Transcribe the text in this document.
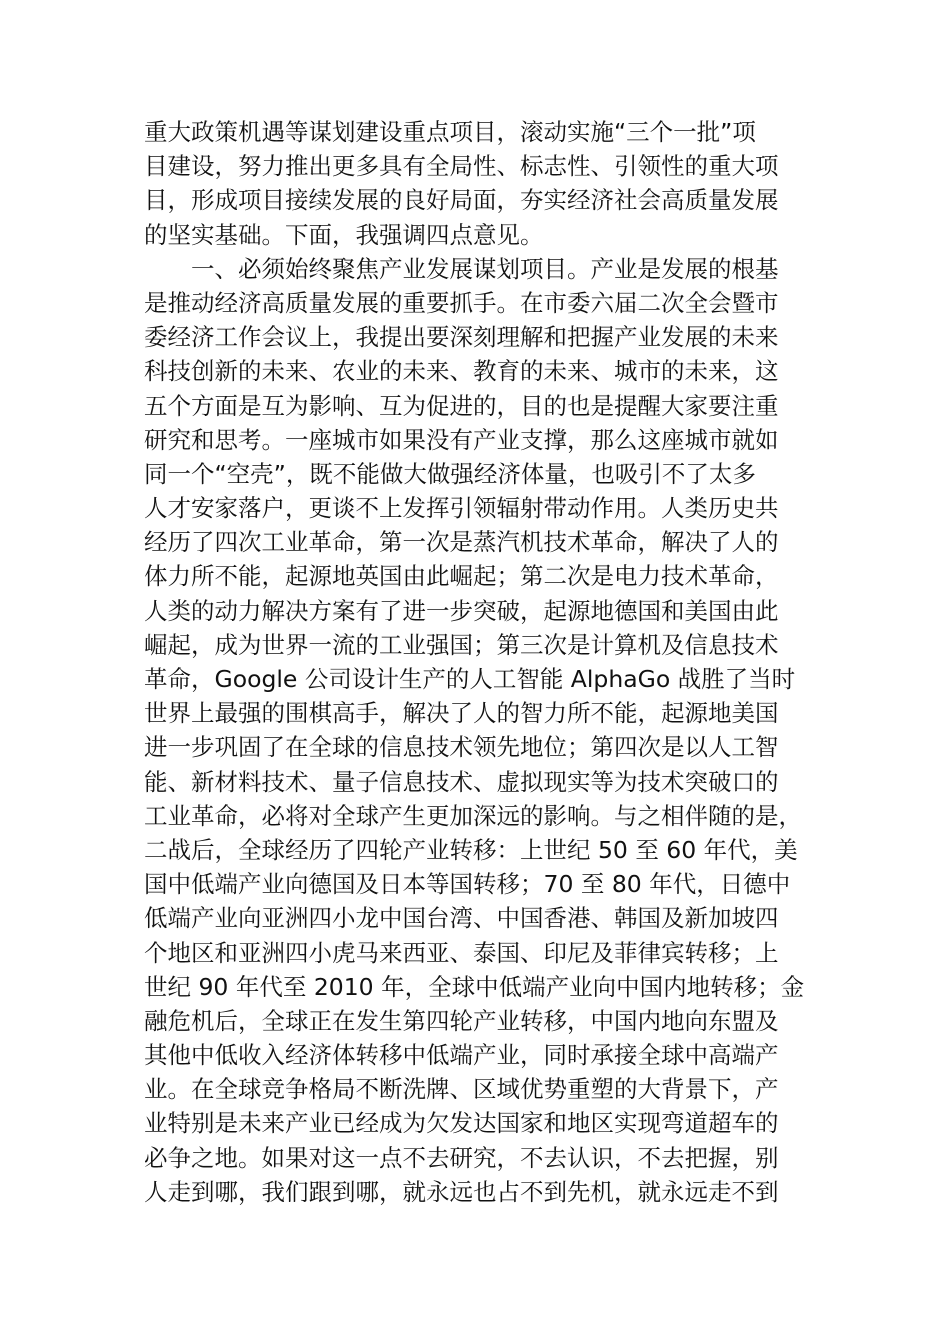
重大政策机遇等谋划建设重点项目，滚动实施“三个一批”项
目建设，努力推出更多具有全局性、标志性、引领性的重大项
目，形成项目接续发展的良好局面，夯实经济社会高质量发展
的坚实基础。下面，我强调四点意见。
　　一、必须始终聚焦产业发展谋划项目。产业是发展的根基
是推动经济高质量发展的重要抓手。在市委六届二次全会暨市
委经济工作会议上，我提出要深刻理解和把握产业发展的未来
科技创新的未来、农业的未来、教育的未来、城市的未来，这
五个方面是互为影响、互为促进的，目的也是提醒大家要注重
研究和思考。一座城市如果没有产业支撑，那么这座城市就如
同一个“空壳”，既不能做大做强经济体量，也吸引不了太多
人才安家落户，更谈不上发挥引领辐射带动作用。人类历史共
经历了四次工业革命，第一次是蒸汽机技术革命，解决了人的
体力所不能，起源地英国由此崛起；第二次是电力技术革命，
人类的动力解决方案有了进一步突破，起源地德国和美国由此
崛起，成为世界一流的工业强国；第三次是计算机及信息技术
革命，Google 公司设计生产的人工智能 AlphaGo 战胜了当时
世界上最强的围棋高手，解决了人的智力所不能，起源地美国
进一步巩固了在全球的信息技术领先地位；第四次是以人工智
能、新材料技术、量子信息技术、虚拟现实等为技术突破口的
工业革命，必将对全球产生更加深远的影响。与之相伴随的是，
二战后，全球经历了四轮产业转移：上世纪 50 至 60 年代，美
国中低端产业向德国及日本等国转移；70 至 80 年代，日德中
低端产业向亚洲四小龙中国台湾、中国香港、韩国及新加坡四
个地区和亚洲四小虎马来西亚、泰国、印尼及菲律宾转移；上
世纪 90 年代至 2010 年，全球中低端产业向中国内地转移；金
融危机后，全球正在发生第四轮产业转移，中国内地向东盟及
其他中低收入经济体转移中低端产业，同时承接全球中高端产
业。在全球竞争格局不断洗牌、区域优势重塑的大背景下，产
业特别是未来产业已经成为欠发达国家和地区实现弯道超车的
必争之地。如果对这一点不去研究，不去认识，不去把握，别
人走到哪，我们跟到哪，就永远也占不到先机，就永远走不到
